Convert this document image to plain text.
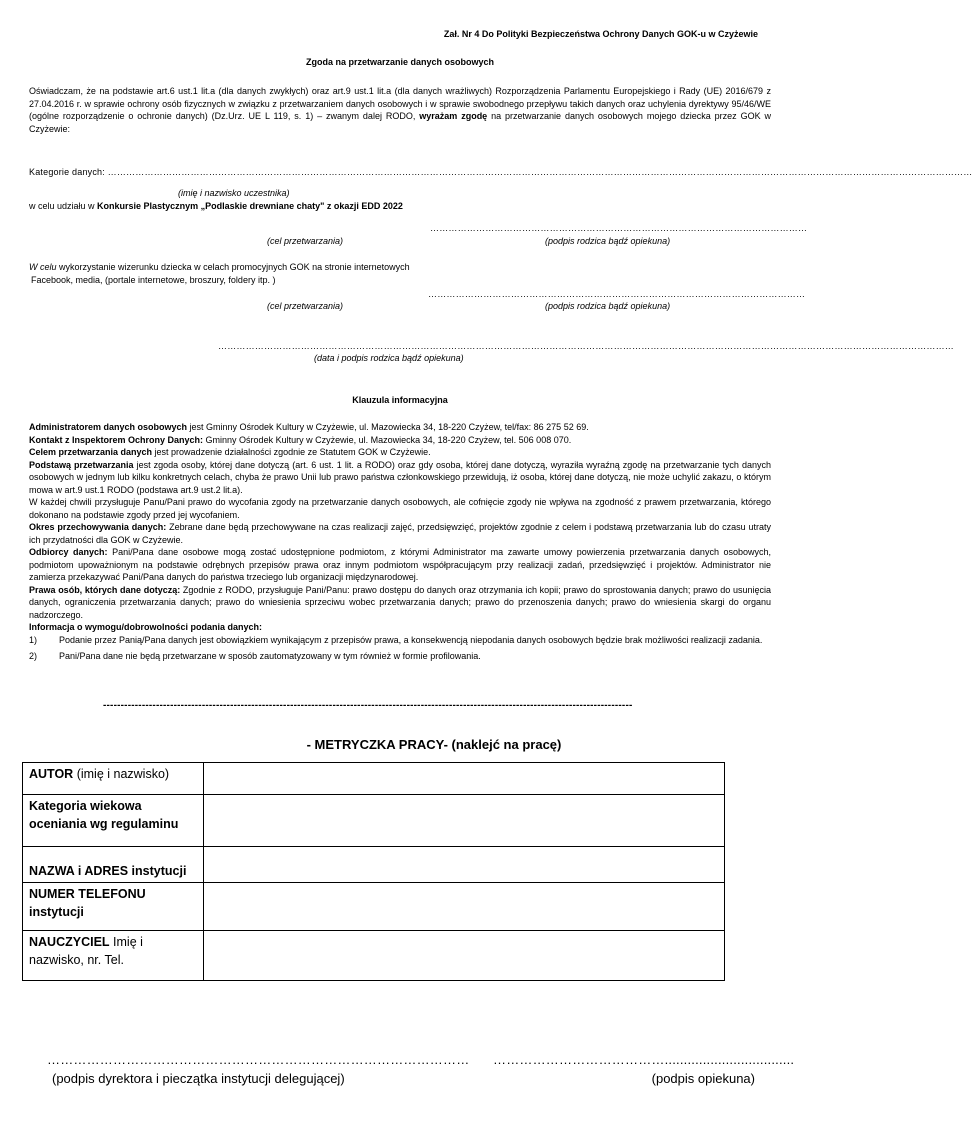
Zał. Nr 4 Do Polityki Bezpieczeństwa Ochrony Danych GOK-u w Czyżewie
Zgoda na przetwarzanie danych osobowych
Oświadczam, że na podstawie art.6 ust.1 lit.a (dla danych zwykłych) oraz art.9 ust.1 lit.a (dla danych wrażliwych) Rozporządzenia Parlamentu Europejskiego i Rady (UE) 2016/679 z 27.04.2016 r. w sprawie ochrony osób fizycznych w związku z przetwarzaniem danych osobowych i w sprawie swobodnego przepływu takich danych oraz uchylenia dyrektywy 95/46/WE (ogólne rozporządzenie o ochronie danych) (Dz.Urz. UE L 119, s. 1) – zwanym dalej RODO, wyrażam zgodę na przetwarzanie danych osobowych mojego dziecka przez GOK w Czyżewie:
Kategorie danych: …………………………………………………………………………………………………………………………………………………………………………………………………………………………………………………………
(imię i nazwisko uczestnika)
w celu udziału w Konkursie Plastycznym „Podlaskie drewniane chaty" z okazji EDD 2022
……………………………………………………………………………………………………………
(cel przetwarzania)	(podpis rodzica bądź opiekuna)
W celu wykorzystanie wizerunku dziecka w celach promocyjnych GOK na stronie internetowych
Facebook, media, (portale internetowe, broszury, foldery itp. )
……………………………………………………………………………………………………………
(cel przetwarzania)	(podpis rodzica bądź opiekuna)
……………………………………………………………………………………………………………………………………………………………………………………………………………………
(data i podpis rodzica bądź opiekuna)
Klauzula informacyjna
Administratorem danych osobowych jest Gminny Ośrodek Kultury w Czyżewie, ul. Mazowiecka 34, 18-220 Czyżew, tel/fax: 86 275 52 69.
Kontakt z Inspektorem Ochrony Danych: Gminny Ośrodek Kultury w Czyżewie, ul. Mazowiecka 34, 18-220 Czyżew, tel. 506 008 070.
Celem przetwarzania danych jest prowadzenie działalności zgodnie ze Statutem GOK w Czyżewie.
Podstawą przetwarzania jest zgoda osoby, której dane dotyczą (art. 6 ust. 1 lit. a RODO) oraz gdy osoba, której dane dotyczą, wyraziła wyraźną zgodę na przetwarzanie tych danych osobowych w jednym lub kilku konkretnych celach, chyba że prawo Unii lub prawo państwa członkowskiego przewidują, iż osoba, której dane dotyczą, nie może uchylić zakazu, o którym mowa w art.9 ust.1 RODO (podstawa art.9 ust.2 lit.a).
W każdej chwili przysługuje Panu/Pani prawo do wycofania zgody na przetwarzanie danych osobowych, ale cofnięcie zgody nie wpływa na zgodność z prawem przetwarzania, którego dokonano na podstawie zgody przed jej wycofaniem.
Okres przechowywania danych: Zebrane dane będą przechowywane na czas realizacji zajęć, przedsięwzięć, projektów zgodnie z celem i podstawą przetwarzania lub do czasu utraty ich przydatności dla GOK w Czyżewie.
Odbiorcy danych: Pani/Pana dane osobowe mogą zostać udostępnione podmiotom, z którymi Administrator ma zawarte umowy powierzenia przetwarzania danych osobowych, podmiotom upoważnionym na podstawie odrębnych przepisów prawa oraz innym podmiotom współpracującym przy realizacji zadań, przedsięwzięć i projektów. Administrator nie zamierza przekazywać Pani/Pana danych do państwa trzeciego lub organizacji międzynarodowej.
Prawa osób, których dane dotyczą: Zgodnie z RODO, przysługuje Pani/Panu: prawo dostępu do danych oraz otrzymania ich kopii; prawo do sprostowania danych; prawo do usunięcia danych, ograniczenia przetwarzania danych; prawo do wniesienia sprzeciwu wobec przetwarzania danych; prawo do przenoszenia danych; prawo do wniesienia skargi do organu nadzorczego.
Informacja o wymogu/dobrowolności podania danych:
1)	Podanie przez Panią/Pana danych jest obowiązkiem wynikającym z przepisów prawa, a konsekwencją niepodania danych osobowych będzie brak możliwości realizacji zadania.
2)	Pani/Pana dane nie będą przetwarzane w sposób zautomatyzowany w tym również w formie profilowania.
------------------------------------------------------------------------------------------------------------------------------------------------------
- METRYCZKA PRACY- (naklejć na pracę)
AUTOR (imię i nazwisko)	
Kategoria wiekowa oceniania wg regulaminu	
NAZWA i ADRES instytucji	
NUMER TELEFONU instytucji	
NAUCZYCIEL Imię i nazwisko, nr. Tel.	
……………………………………………………………………………………
(podpis dyrektora i pieczątka instytucji delegującej)
…………………………………..................................
(podpis opiekuna)
